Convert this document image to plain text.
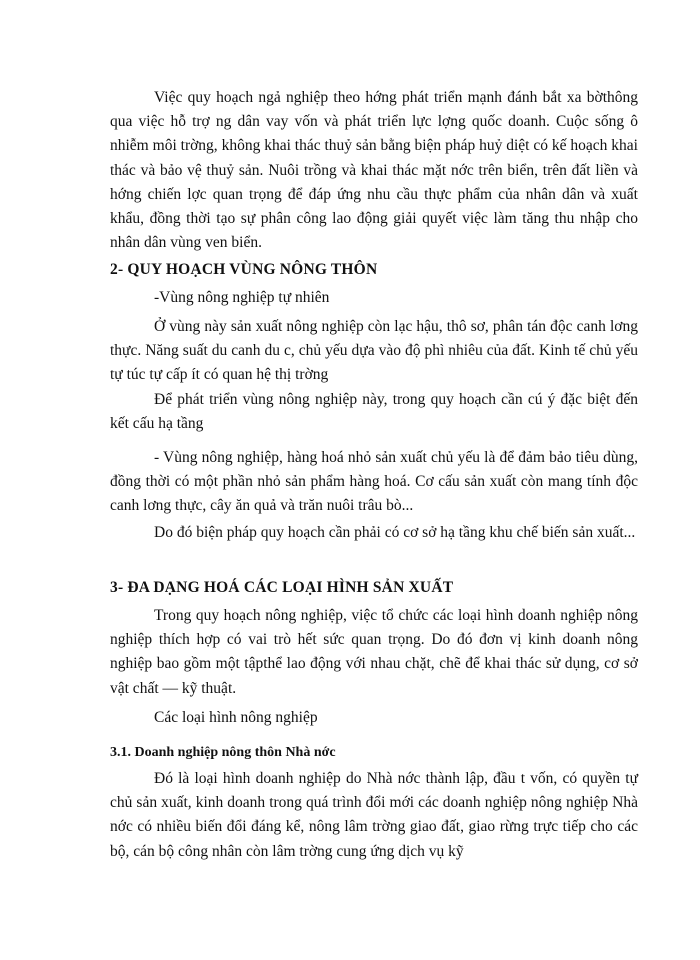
Việc quy hoạch ngả nghiệp theo hớng phát triển mạnh đánh bắt xa bờthông qua việc hỗ trợ ng dân vay vốn và phát triển lực lợng quốc doanh. Cuộc sống ô nhiễm môi trờng, không khai thác thuỷ sản bằng biện pháp huỷ diệt có kế hoạch khai thác và bảo vệ thuỷ sản. Nuôi trồng và khai thác mặt nớc trên biển, trên đất liền và hớng chiến lợc quan trọng để đáp ứng nhu cầu thực phẩm của nhân dân và xuất khẩu, đồng thời tạo sự phân công lao động giải quyết việc làm tăng thu nhập cho nhân dân vùng ven biển.

2- QUY HOẠCH VÙNG NÔNG THÔN

-Vùng nông nghiệp tự nhiên

Ở vùng này sản xuất nông nghiệp còn lạc hậu, thô sơ, phân tán độc canh lơng thực. Năng suất du canh du c, chủ yếu dựa vào độ phì nhiêu của đất. Kinh tế chủ yếu tự túc tự cấp ít có quan hệ thị trờng

Để phát triển vùng nông nghiệp này, trong quy hoạch cần cú ý đặc biệt đến kết cấu hạ tầng

- Vùng nông nghiệp, hàng hoá nhỏ sản xuất chủ yếu là để đảm bảo tiêu dùng, đồng thời có một phần nhỏ sản phẩm hàng hoá. Cơ cấu sản xuất còn mang tính độc canh lơng thực, cây ăn quả và trăn nuôi trâu bò...

Do đó biện pháp quy hoạch cần phải có cơ sở hạ tầng khu chế biến sản xuất...

3- ĐA DẠNG HOÁ CÁC LOẠI HÌNH SẢN XUẤT

Trong quy hoạch nông nghiệp, việc tổ chức các loại hình doanh nghiệp nông nghiệp thích hợp có vai trò hết sức quan trọng. Do đó đơn vị kinh doanh nông nghiệp bao gồm một tậpthể lao động với nhau chặt, chẽ để khai thác sử dụng, cơ sở vật chất — kỹ thuật.

Các loại hình nông nghiệp

3.1. Doanh nghiệp nông thôn Nhà nớc

Đó là loại hình doanh nghiệp do Nhà nớc thành lập, đầu t vốn, có quyền tự chủ sản xuất, kinh doanh trong quá trình đổi mới các doanh nghiệp nông nghiệp Nhà nớc có nhiều biến đổi đáng kể, nông lâm trờng giao đất, giao rừng trực tiếp cho các bộ, cán bộ công nhân còn lâm trờng cung ứng dịch vụ kỹ
